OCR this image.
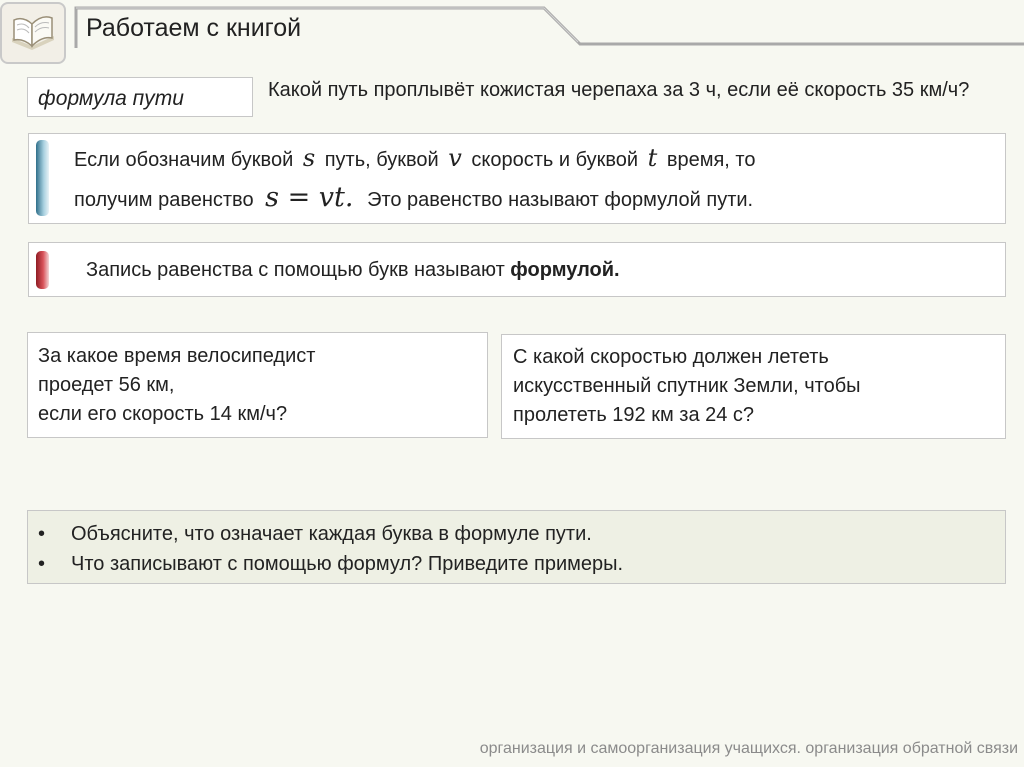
Работаем с книгой
формула пути	Какой путь проплывёт кожистая черепаха за 3 ч, если её скорость 35 км/ч?
Если обозначим буквой s путь, буквой v скорость и буквой t время, то
получим равенство s = vt. Это равенство называют формулой пути.
Запись равенства с помощью букв называют формулой.
За какое время велосипедист
проедет 56 км,
если его скорость 14 км/ч?
С какой скоростью должен лететь
искусственный спутник Земли, чтобы
пролететь 192 км за 24 с?
• Объясните, что означает каждая буква в формуле пути.
• Что записывают с помощью формул? Приведите примеры.
организация и самоорганизация учащихся. организация обратной связи
